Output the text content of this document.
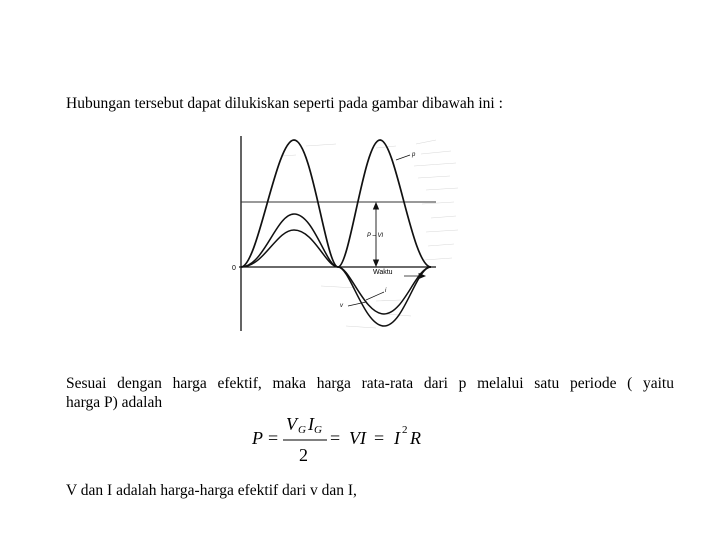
Hubungan tersebut dapat dilukiskan seperti pada gambar dibawah ini :
0
p
i
v
P – VI
Waktu
Sesuai dengan harga efektif, maka harga rata-rata dari p melalui satu periode ( yaitu
harga P) adalah
P =
V G I G
2
= VI = I 2 R
V dan I adalah harga-harga efektif dari v dan I,
